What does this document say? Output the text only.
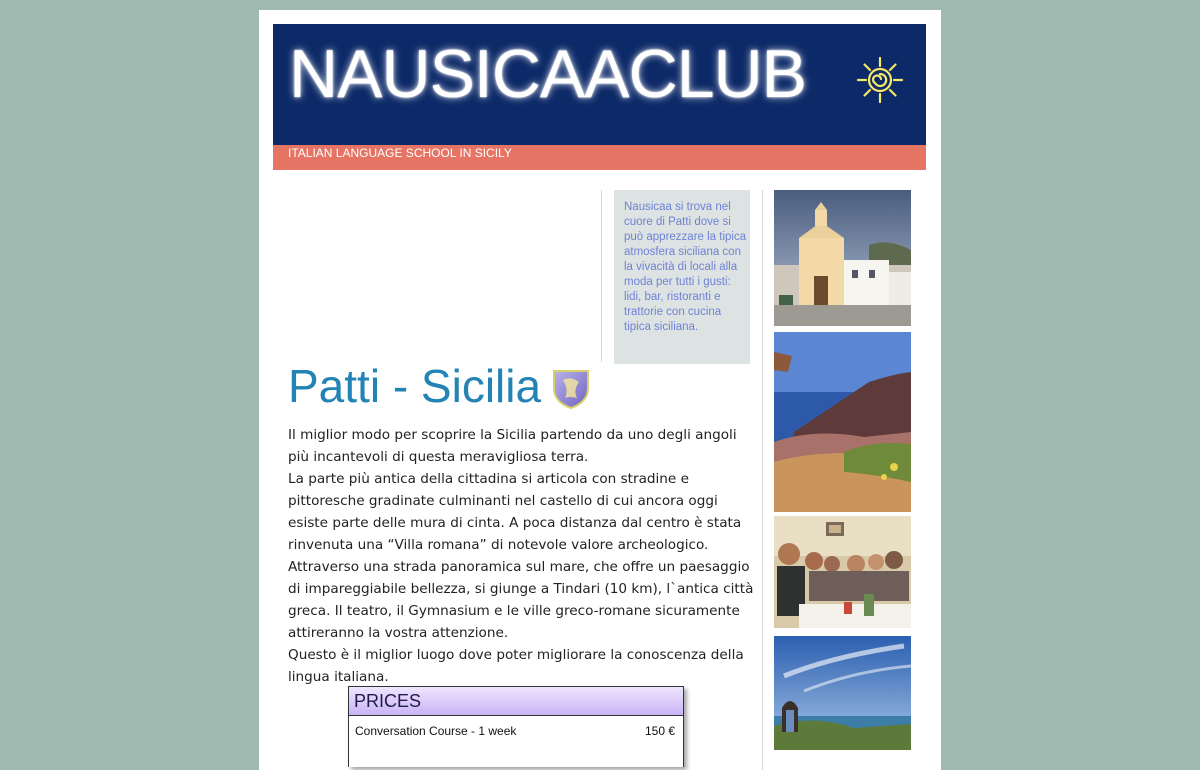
NAUSICAACLUB
ITALIAN LANGUAGE SCHOOL IN SICILY
Nausicaa si trova nel cuore di Patti dove si può apprezzare la tipica atmosfera siciliana con la vivacità di locali alla moda per tutti i gusti: lidi, bar, ristoranti e trattorie con cucina tipica siciliana.
Patti - Sicilia

Il miglior modo per scoprire la Sicilia partendo da uno degli angoli più incantevoli di questa meravigliosa terra.

La parte più antica della cittadina si articola con stradine e pittoresche gradinate culminanti nel castello di cui ancora oggi esiste parte delle mura di cinta. A poca distanza dal centro è stata rinvenuta una “Villa romana” di notevole valore archeologico. Attraverso una strada panoramica sul mare, che offre un paesaggio di impareggiabile bellezza, si giunge a Tindari (10 km), l`antica città greca. Il teatro, il Gymnasium e le ville greco-romane sicuramente attireranno la vostra attenzione.

Questo è il miglior luogo dove poter migliorare la conoscenza della lingua italiana.

PRICES
Conversation Course - 1 week	150 €
